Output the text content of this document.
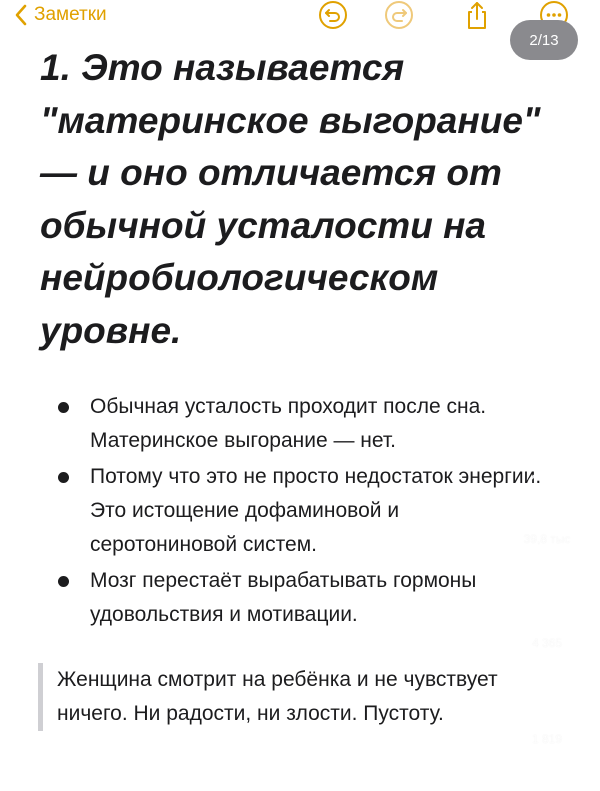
Заметки
2/13
1. Это называется "материнское выгорание" — и оно отличается от обычной усталости на нейробиологическом уровне.
Обычная усталость проходит после сна. Материнское выгорание — нет.
Потому что это не просто недостаток энергии. Это истощение дофаминовой и серотониновой систем.
Мозг перестаёт вырабатывать гормоны удовольствия и мотивации.

Женщина смотрит на ребёнка и не чувствует ничего. Ни радости, ни злости. Пустоту.

39,8 тыс
4 365
1 819
